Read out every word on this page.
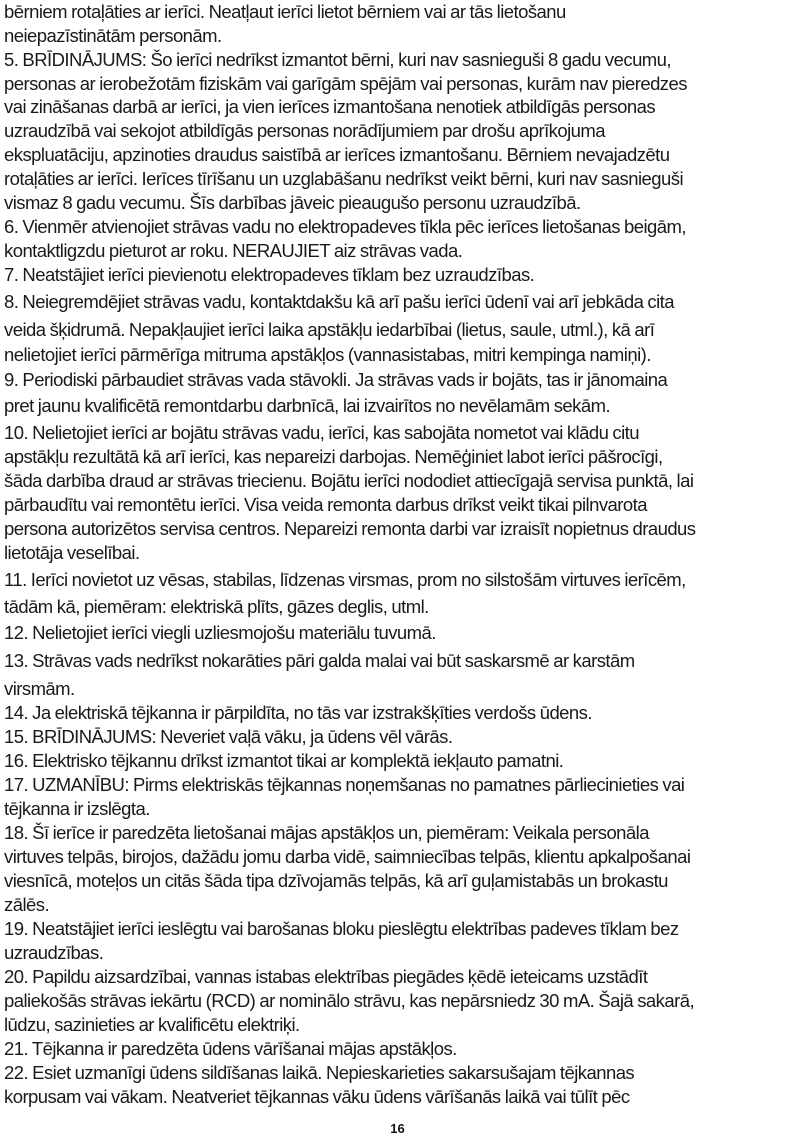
bērniem rotaļāties ar ierīci. Neatļaut ierīci lietot bērniem vai ar tās lietošanu
neiepazīstinātām personām.
5. BRĪDINĀJUMS: Šo ierīci nedrīkst izmantot bērni, kuri nav sasnieguši 8 gadu vecumu,
personas ar ierobežotām fiziskām vai garīgām spējām vai personas, kurām nav pieredzes
vai zināšanas darbā ar ierīci, ja vien ierīces izmantošana nenotiek atbildīgās personas
uzraudzībā vai sekojot atbildīgās personas norādījumiem par drošu aprīkojuma
ekspluatāciju, apzinoties draudus saistībā ar ierīces izmantošanu. Bērniem nevajadzētu
rotaļāties ar ierīci. Ierīces tīrīšanu un uzglabāšanu nedrīkst veikt bērni, kuri nav sasnieguši
vismaz 8 gadu vecumu. Šīs darbības jāveic pieaugušo personu uzraudzībā.
6. Vienmēr atvienojiet strāvas vadu no elektropadeves tīkla pēc ierīces lietošanas beigām,
kontaktligzdu pieturot ar roku. NERAUJIET aiz strāvas vada.
7. Neatstājiet ierīci pievienotu elektropadeves tīklam bez uzraudzības.
8. Neiegremdējiet strāvas vadu, kontaktdakšu kā arī pašu ierīci ūdenī vai arī jebkāda cita
veida šķidrumā. Nepakļaujiet ierīci laika apstākļu iedarbībai (lietus, saule, utml.), kā arī
nelietojiet ierīci pārmērīga mitruma apstākļos (vannasistabas, mitri kempinga namiņi).
9. Periodiski pārbaudiet strāvas vada stāvokli. Ja strāvas vads ir bojāts, tas ir jānomaina
pret jaunu kvalificētā remontdarbu darbnīcā, lai izvairītos no nevēlamām sekām.
10. Nelietojiet ierīci ar bojātu strāvas vadu, ierīci, kas sabojāta nometot vai klādu citu
apstākļu rezultātā kā arī ierīci, kas nepareizi darbojas. Nemēģiniet labot ierīci pāšrocīgi,
šāda darbība draud ar strāvas triecienu. Bojātu ierīci nododiet attiecīgajā servisa punktā, lai
pārbaudītu vai remontētu ierīci. Visa veida remonta darbus drīkst veikt tikai pilnvarota
persona autorizētos servisa centros. Nepareizi remonta darbi var izraisīt nopietnus draudus
lietotāja veselībai.
11. Ierīci novietot uz vēsas, stabilas, līdzenas virsmas, prom no silstošām virtuves ierīcēm,
tādām kā, piemēram: elektriskā plīts, gāzes deglis, utml.
12. Nelietojiet ierīci viegli uzliesmojošu materiālu tuvumā.
13. Strāvas vads nedrīkst nokarāties pāri galda malai vai būt saskarsmē ar karstām
virsmām.
14. Ja elektriskā tējkanna ir pārpildīta, no tās var izstrakšķīties verdošs ūdens.
15. BRĪDINĀJUMS: Neveriet vaļā vāku, ja ūdens vēl vārās.
16. Elektrisko tējkannu drīkst izmantot tikai ar komplektā iekļauto pamatni.
17. UZMANĪBU: Pirms elektriskās tējkannas noņemšanas no pamatnes pārliecinieties vai
tējkanna ir izslēgta.
18. Šī ierīce ir paredzēta lietošanai mājas apstākļos un, piemēram: Veikala personāla
virtuves telpās, birojos, dažādu jomu darba vidē, saimniecības telpās, klientu apkalpošanai
viesnīcā, moteļos un citās šāda tipa dzīvojamās telpās, kā arī guļamistabās un brokastu
zālēs.
19. Neatstājiet ierīci ieslēgtu vai barošanas bloku pieslēgtu elektrības padeves tīklam bez
uzraudzības.
20. Papildu aizsardzībai, vannas istabas elektrības piegādes ķēdē ieteicams uzstādīt
paliekošās strāvas iekārtu (RCD) ar nominālo strāvu, kas nepārsniedz 30 mA. Šajā sakarā,
lūdzu, sazinieties ar kvalificētu elektriķi.
21. Tējkanna ir paredzēta ūdens vārīšanai mājas apstākļos.
22. Esiet uzmanīgi ūdens sildīšanas laikā. Nepieskarieties sakarsušajam tējkannas
korpusam vai vākam. Neatveriet tējkannas vāku ūdens vārīšanās laikā vai tūlīt pēc
16
